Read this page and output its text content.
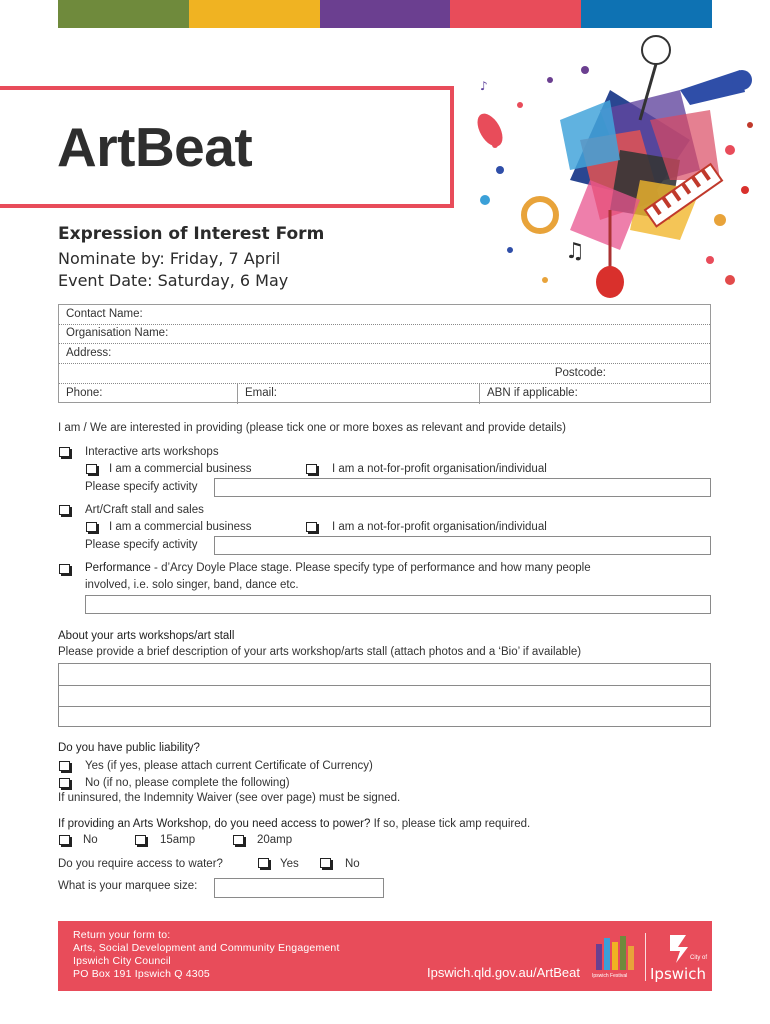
ArtBeat
♫
♪
Expression of Interest Form
Nominate by: Friday, 7 April
Event Date: Saturday, 6 May
Contact Name:
Organisation Name:
Address:
Postcode:
Phone:	Email:	ABN if applicable:
I am / We are interested in providing (please tick one or more boxes as relevant and provide details)
Interactive arts workshops
I am a commercial business	I am a not-for-profit organisation/individual
Please specify activity
Art/Craft stall and sales
I am a commercial business	I am a not-for-profit organisation/individual
Please specify activity
Performance - d’Arcy Doyle Place stage. Please specify type of performance and how many people
involved, i.e. solo singer, band, dance etc.
About your arts workshops/art stall
Please provide a brief description of your arts workshop/arts stall (attach photos and a ‘Bio’ if available)
Do you have public liability?
Yes (if yes, please attach current Certificate of Currency)
No (if no, please complete the following)
If uninsured, the Indemnity Waiver (see over page) must be signed.
If providing an Arts Workshop, do you need access to power? If so, please tick amp required.
No	15amp	20amp
Do you require access to water?	Yes	No
What is your marquee size:
Return your form to:
Arts, Social Development and Community Engagement
Ipswich City Council
PO Box 191 Ipswich Q 4305	Ipswich.qld.gov.au/ArtBeat Ipswich Festival
City of
Ipswich
